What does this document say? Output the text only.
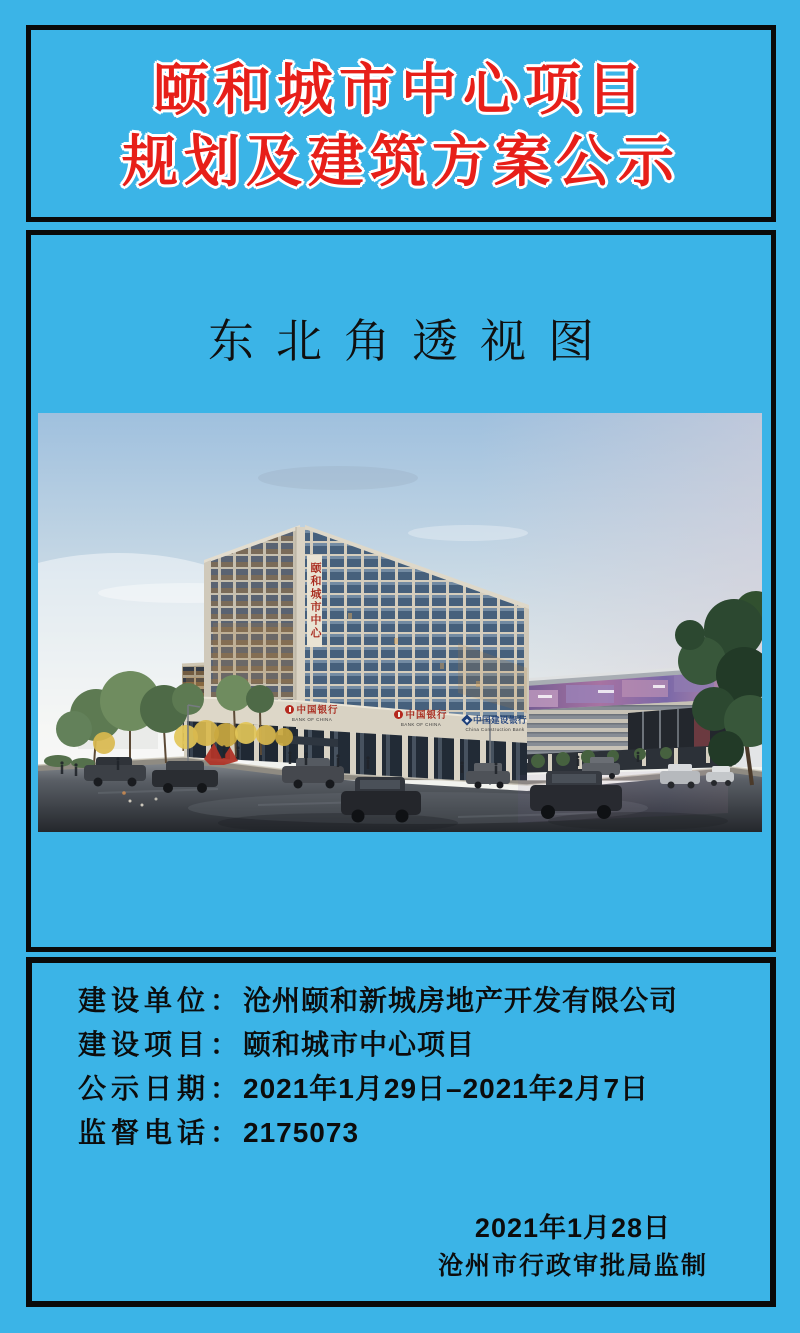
颐和城市中心项目
规划及建筑方案公示
东北角透视图
颐和城市中心
中国银行
BANK OF CHINA	中国银行
BANK OF CHINA	中国建设银行
China Construction Bank
建设单位：沧州颐和新城房地产开发有限公司
建设项目：颐和城市中心项目
公示日期：2021年1月29日–2021年2月7日
监督电话：2175073
2021年1月28日
沧州市行政审批局监制
